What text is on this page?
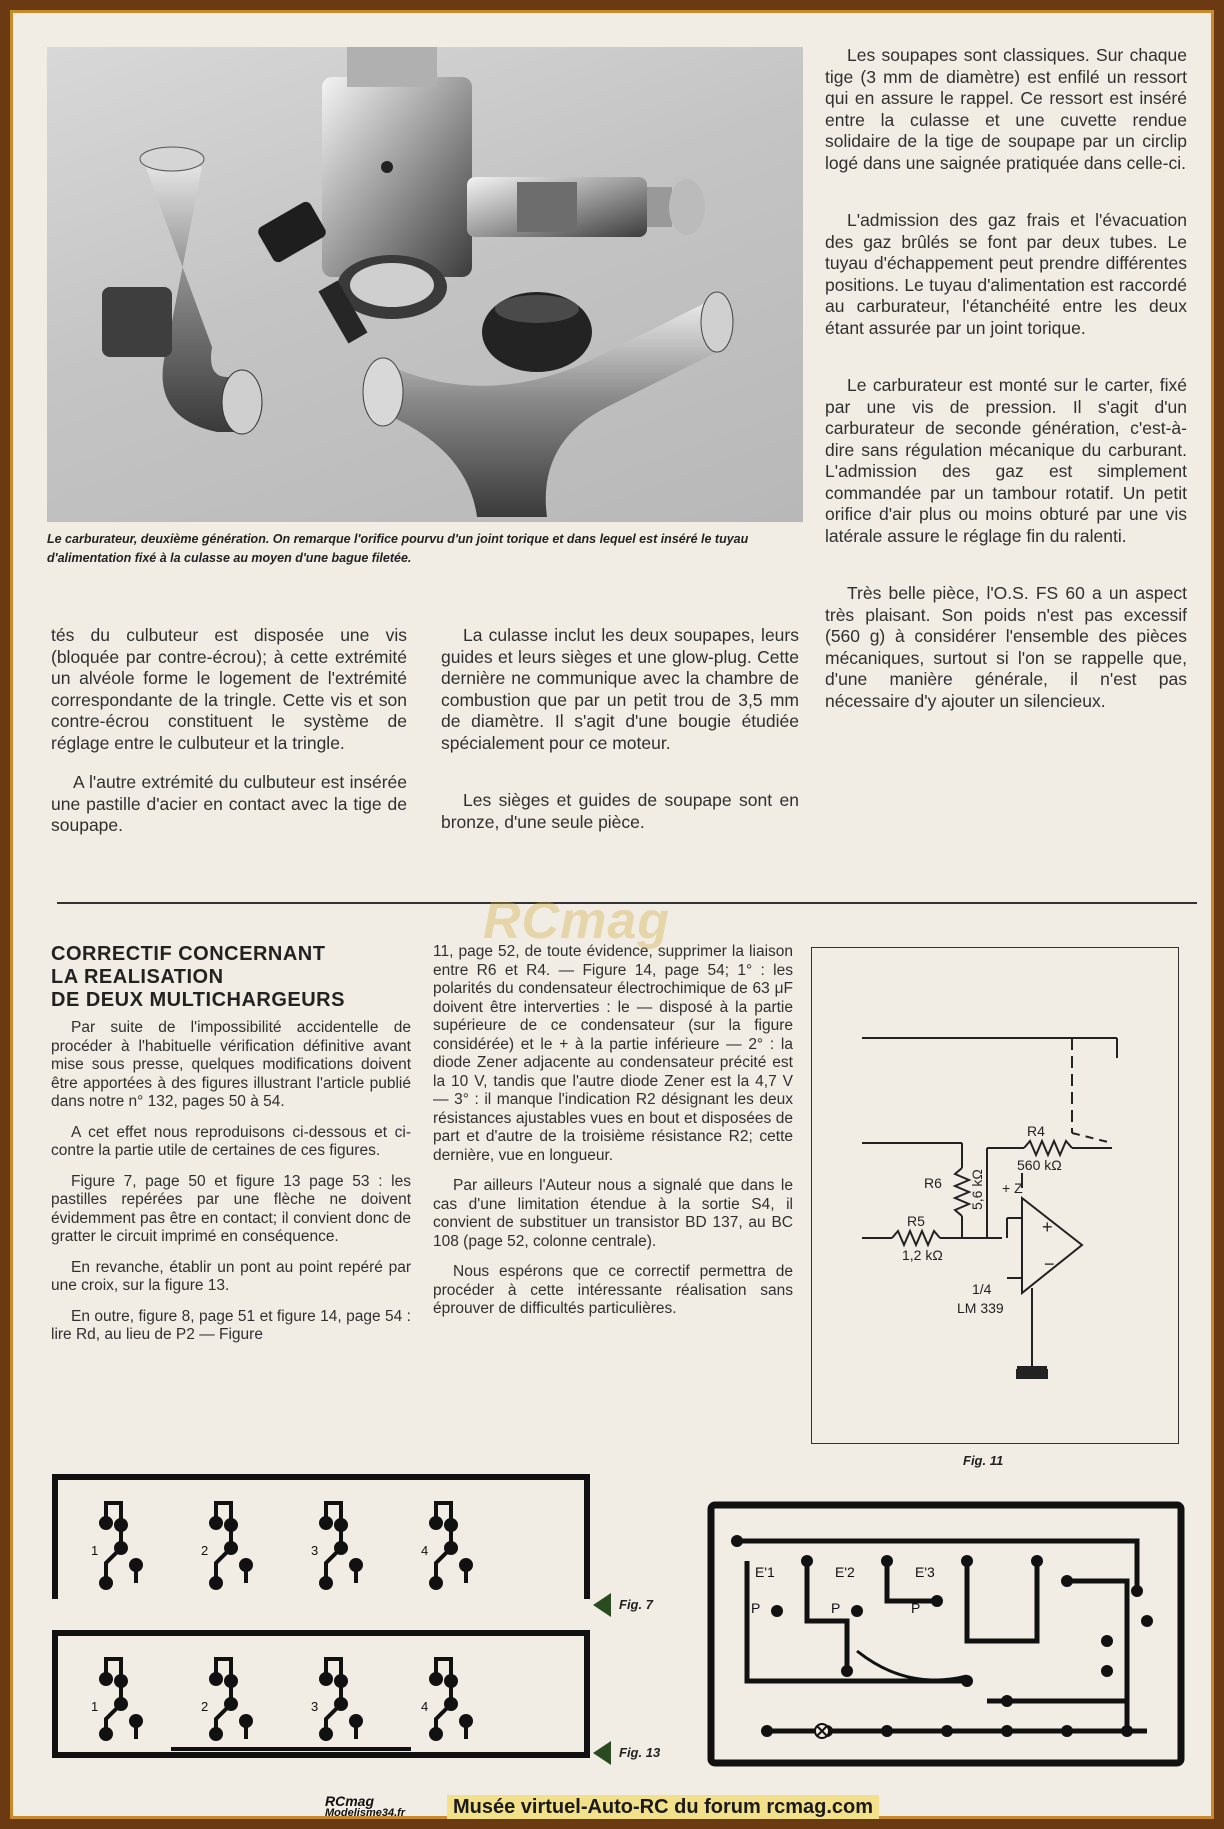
Le carburateur, deuxième génération. On remarque l'orifice pourvu d'un joint torique et dans lequel est inséré le tuyau d'alimentation fixé à la culasse au moyen d'une bague filetée.

Les soupapes sont classiques. Sur chaque tige (3 mm de diamètre) est enfilé un ressort qui en assure le rappel. Ce ressort est inséré entre la culasse et une cuvette rendue solidaire de la tige de soupape par un circlip logé dans une saignée pratiquée dans celle-ci.

L'admission des gaz frais et l'évacuation des gaz brûlés se font par deux tubes. Le tuyau d'échappement peut prendre différentes positions. Le tuyau d'alimentation est raccordé au carburateur, l'étanchéité entre les deux étant assurée par un joint torique.

Le carburateur est monté sur le carter, fixé par une vis de pression. Il s'agit d'un carburateur de seconde génération, c'est-à-dire sans régulation mécanique du carburant. L'admission des gaz est simplement commandée par un tambour rotatif. Un petit orifice d'air plus ou moins obturé par une vis latérale assure le réglage fin du ralenti.

Très belle pièce, l'O.S. FS 60 a un aspect très plaisant. Son poids n'est pas excessif (560 g) à considérer l'ensemble des pièces mécaniques, surtout si l'on se rappelle que, d'une manière générale, il n'est pas nécessaire d'y ajouter un silencieux.

tés du culbuteur est disposée une vis (bloquée par contre-écrou); à cette extrémité un alvéole forme le logement de l'extrémité correspondante de la tringle. Cette vis et son contre-écrou constituent le système de réglage entre le culbuteur et la tringle.

A l'autre extrémité du culbuteur est insérée une pastille d'acier en contact avec la tige de soupape.

La culasse inclut les deux soupapes, leurs guides et leurs sièges et une glow-plug. Cette dernière ne communique avec la chambre de combustion que par un petit trou de 3,5 mm de diamètre. Il s'agit d'une bougie étudiée spécialement pour ce moteur.

Les sièges et guides de soupape sont en bronze, d'une seule pièce.

RCmag
CORRECTIF CONCERNANT
LA REALISATION
DE DEUX MULTICHARGEURS

Par suite de l'impossibilité accidentelle de procéder à l'habituelle vérification définitive avant mise sous presse, quelques modifications doivent être apportées à des figures illustrant l'article publié dans notre n° 132, pages 50 à 54.

A cet effet nous reproduisons ci-dessous et ci-contre la partie utile de certaines de ces figures.

Figure 7, page 50 et figure 13 page 53 : les pastilles repérées par une flèche ne doivent évidemment pas être en contact; il convient donc de gratter le circuit imprimé en conséquence.

En revanche, établir un pont au point repéré par une croix, sur la figure 13.

En outre, figure 8, page 51 et figure 14, page 54 : lire Rd, au lieu de P2 — Figure

11, page 52, de toute évidence, supprimer la liaison entre R6 et R4. — Figure 14, page 54; 1° : les polarités du condensateur électrochimique de 63 μF doivent être interverties : le — disposé à la partie supérieure de ce condensateur (sur la figure considérée) et le + à la partie inférieure — 2° : la diode Zener adjacente au condensateur précité est la 10 V, tandis que l'autre diode Zener est la 4,7 V — 3° : il manque l'indication R2 désignant les deux résistances ajustables vues en bout et disposées de part et d'autre de la troisième résistance R2; cette dernière, vue en longueur.

Par ailleurs l'Auteur nous a signalé que dans le cas d'une limitation étendue à la sortie S4, il convient de substituer un transistor BD 137, au BC 108 (page 52, colonne centrale).

Nous espérons que ce correctif permettra de procéder à cette intéressante réalisation sans éprouver de difficultés particulières.

R4
560 kΩ
R6 5,6 kΩ
R5
1,2 kΩ
+ Z
+
−
1/4
LM 339
Fig. 11
1	2	3	4
Fig. 7
1	2	3	4
Fig. 13
E'1	E'2	E'3
P	P	P
RCmag
Modelisme34.fr	Musée virtuel-Auto-RC du forum rcmag.com
